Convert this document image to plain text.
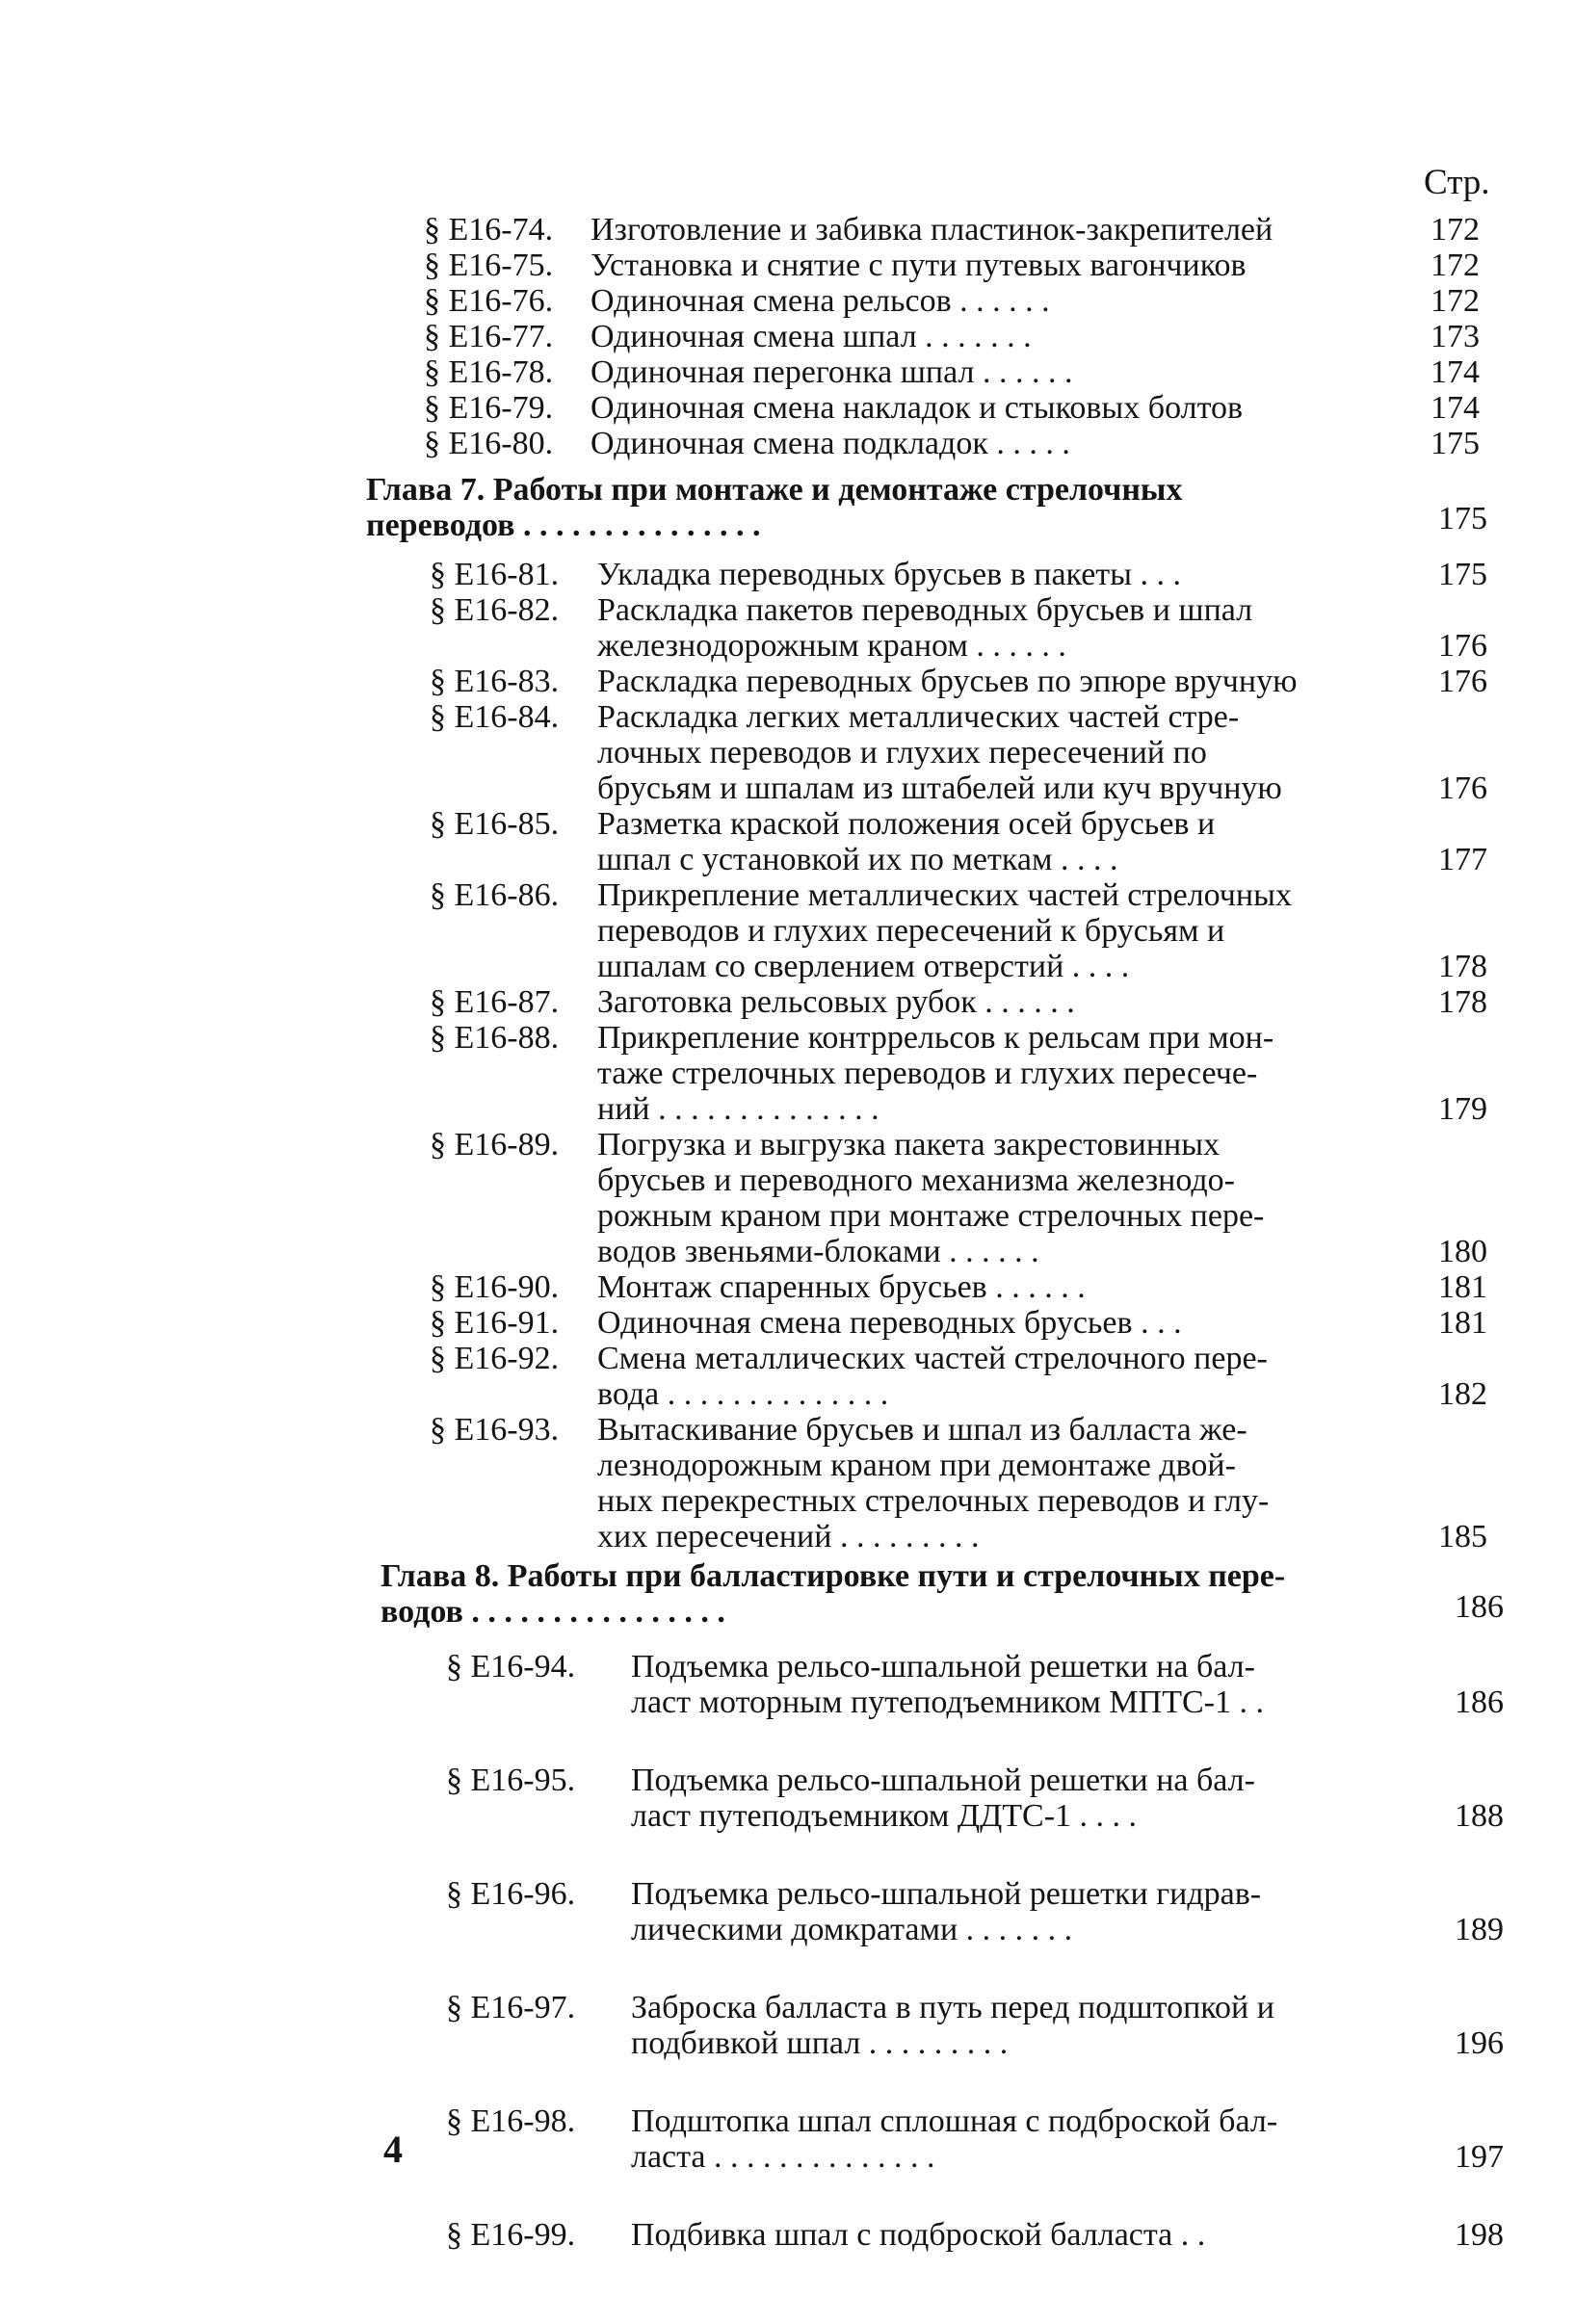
Стр.
§ Е16-74. Изготовление и забивка пластинок-закрепителей	172
§ Е16-75. Установка и снятие с пути путевых вагончиков	172
§ Е16-76. Одиночная смена рельсов . . . . . .	172
§ Е16-77. Одиночная смена шпал . . . . . . .	173
§ Е16-78. Одиночная перегонка шпал . . . . . .	174
§ Е16-79. Одиночная смена накладок и стыковых болтов	174
§ Е16-80. Одиночная смена подкладок . . . . .	175
Глава 7. Работы при монтаже и демонтаже стрелочных
переводов . . . . . . . . . . . . . . .	175
§ Е16-81. Укладка переводных брусьев в пакеты . . .	175
§ Е16-82. Раскладка пакетов переводных брусьев и шпал
железнодорожным краном . . . . . .	176
§ Е16-83. Раскладка переводных брусьев по эпюре вручную	176
§ Е16-84. Раскладка легких металлических частей стре-
лочных переводов и глухих пересечений по
брусьям и шпалам из штабелей или куч вручную	176
§ Е16-85. Разметка краской положения осей брусьев и
шпал с установкой их по меткам . . . .	177
§ Е16-86. Прикрепление металлических частей стрелочных
переводов и глухих пересечений к брусьям и
шпалам со сверлением отверстий . . . .	178
§ Е16-87. Заготовка рельсовых рубок . . . . . .	178
§ Е16-88. Прикрепление контррельсов к рельсам при мон-
таже стрелочных переводов и глухих пересече-
ний . . . . . . . . . . . . . .	179
§ Е16-89. Погрузка и выгрузка пакета закрестовинных
брусьев и переводного механизма железнодо-
рожным краном при монтаже стрелочных пере-
водов звеньями-блоками . . . . . .	180
§ Е16-90. Монтаж спаренных брусьев . . . . . .	181
§ Е16-91. Одиночная смена переводных брусьев . . .	181
§ Е16-92. Смена металлических частей стрелочного пере-
вода . . . . . . . . . . . . . .	182
§ Е16-93. Вытаскивание брусьев и шпал из балласта же-
лезнодорожным краном при демонтаже двой-
ных перекрестных стрелочных переводов и глу-
хих пересечений . . . . . . . . .	185
Глава 8. Работы при балластировке пути и стрелочных пере-
водов . . . . . . . . . . . . . . . .	186
§ Е16-94. Подъемка рельсо-шпальной решетки на бал-
ласт моторным путеподъемником МПТС-1 . .	186
§ Е16-95. Подъемка рельсо-шпальной решетки на бал-
ласт путеподъемником ДДТС-1 . . . .	188
§ Е16-96. Подъемка рельсо-шпальной решетки гидрав-
лическими домкратами . . . . . . .	189
§ Е16-97. Заброска балласта в путь перед подштопкой и
подбивкой шпал . . . . . . . . .	196
§ Е16-98. Подштопка шпал сплошная с подброской бал-
ласта . . . . . . . . . . . . . .	197
§ Е16-99. Подбивка шпал с подброской балласта . .	198
4
